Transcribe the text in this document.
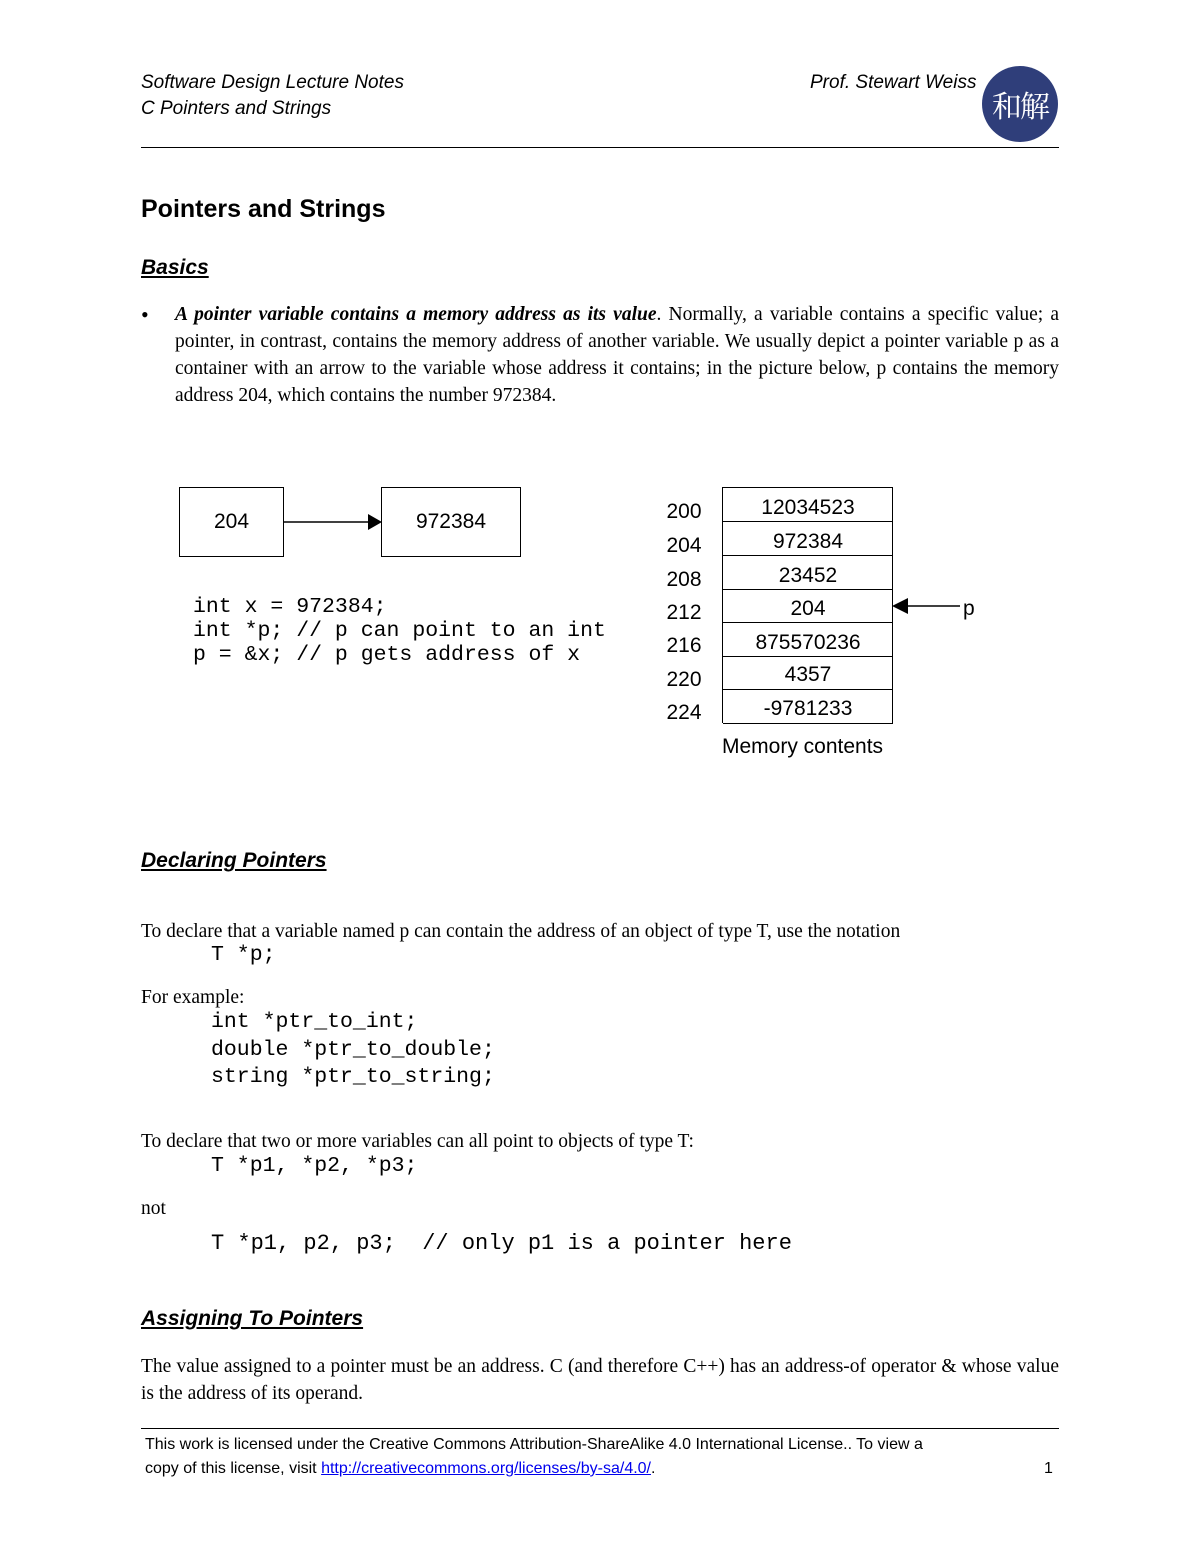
Software Design Lecture Notes
C Pointers and Strings
Prof. Stewart Weiss
和解
Pointers and Strings
Basics
• A pointer variable contains a memory address as its value. Normally, a variable contains a specific value; a pointer, in contrast, contains the memory address of another variable. We usually depict a pointer variable p as a container with an arrow to the variable whose address it contains; in the picture below, p contains the memory address 204, which contains the number 972384.
204	972384
int x = 972384;
int *p; // p can point to an int
p = &x; // p gets address of x
200
204
208
212
216
220
224
12034523
972384
23452
204
875570236
4357
-9781233
p
Memory contents
Declaring Pointers
To declare that a variable named p can contain the address of an object of type T, use the notation
T *p;
For example:
int *ptr_to_int;
double *ptr_to_double;
string *ptr_to_string;
To declare that two or more variables can all point to objects of type T:
T *p1, *p2, *p3;
not
T *p1, p2, p3;  // only p1 is a pointer here
Assigning To Pointers
The value assigned to a pointer must be an address. C (and therefore C++) has an address-of operator & whose value is the address of its operand.
This work is licensed under the Creative Commons Attribution-ShareAlike 4.0 International License.. To view a
copy of this license, visit http://creativecommons.org/licenses/by-sa/4.0/.	1
